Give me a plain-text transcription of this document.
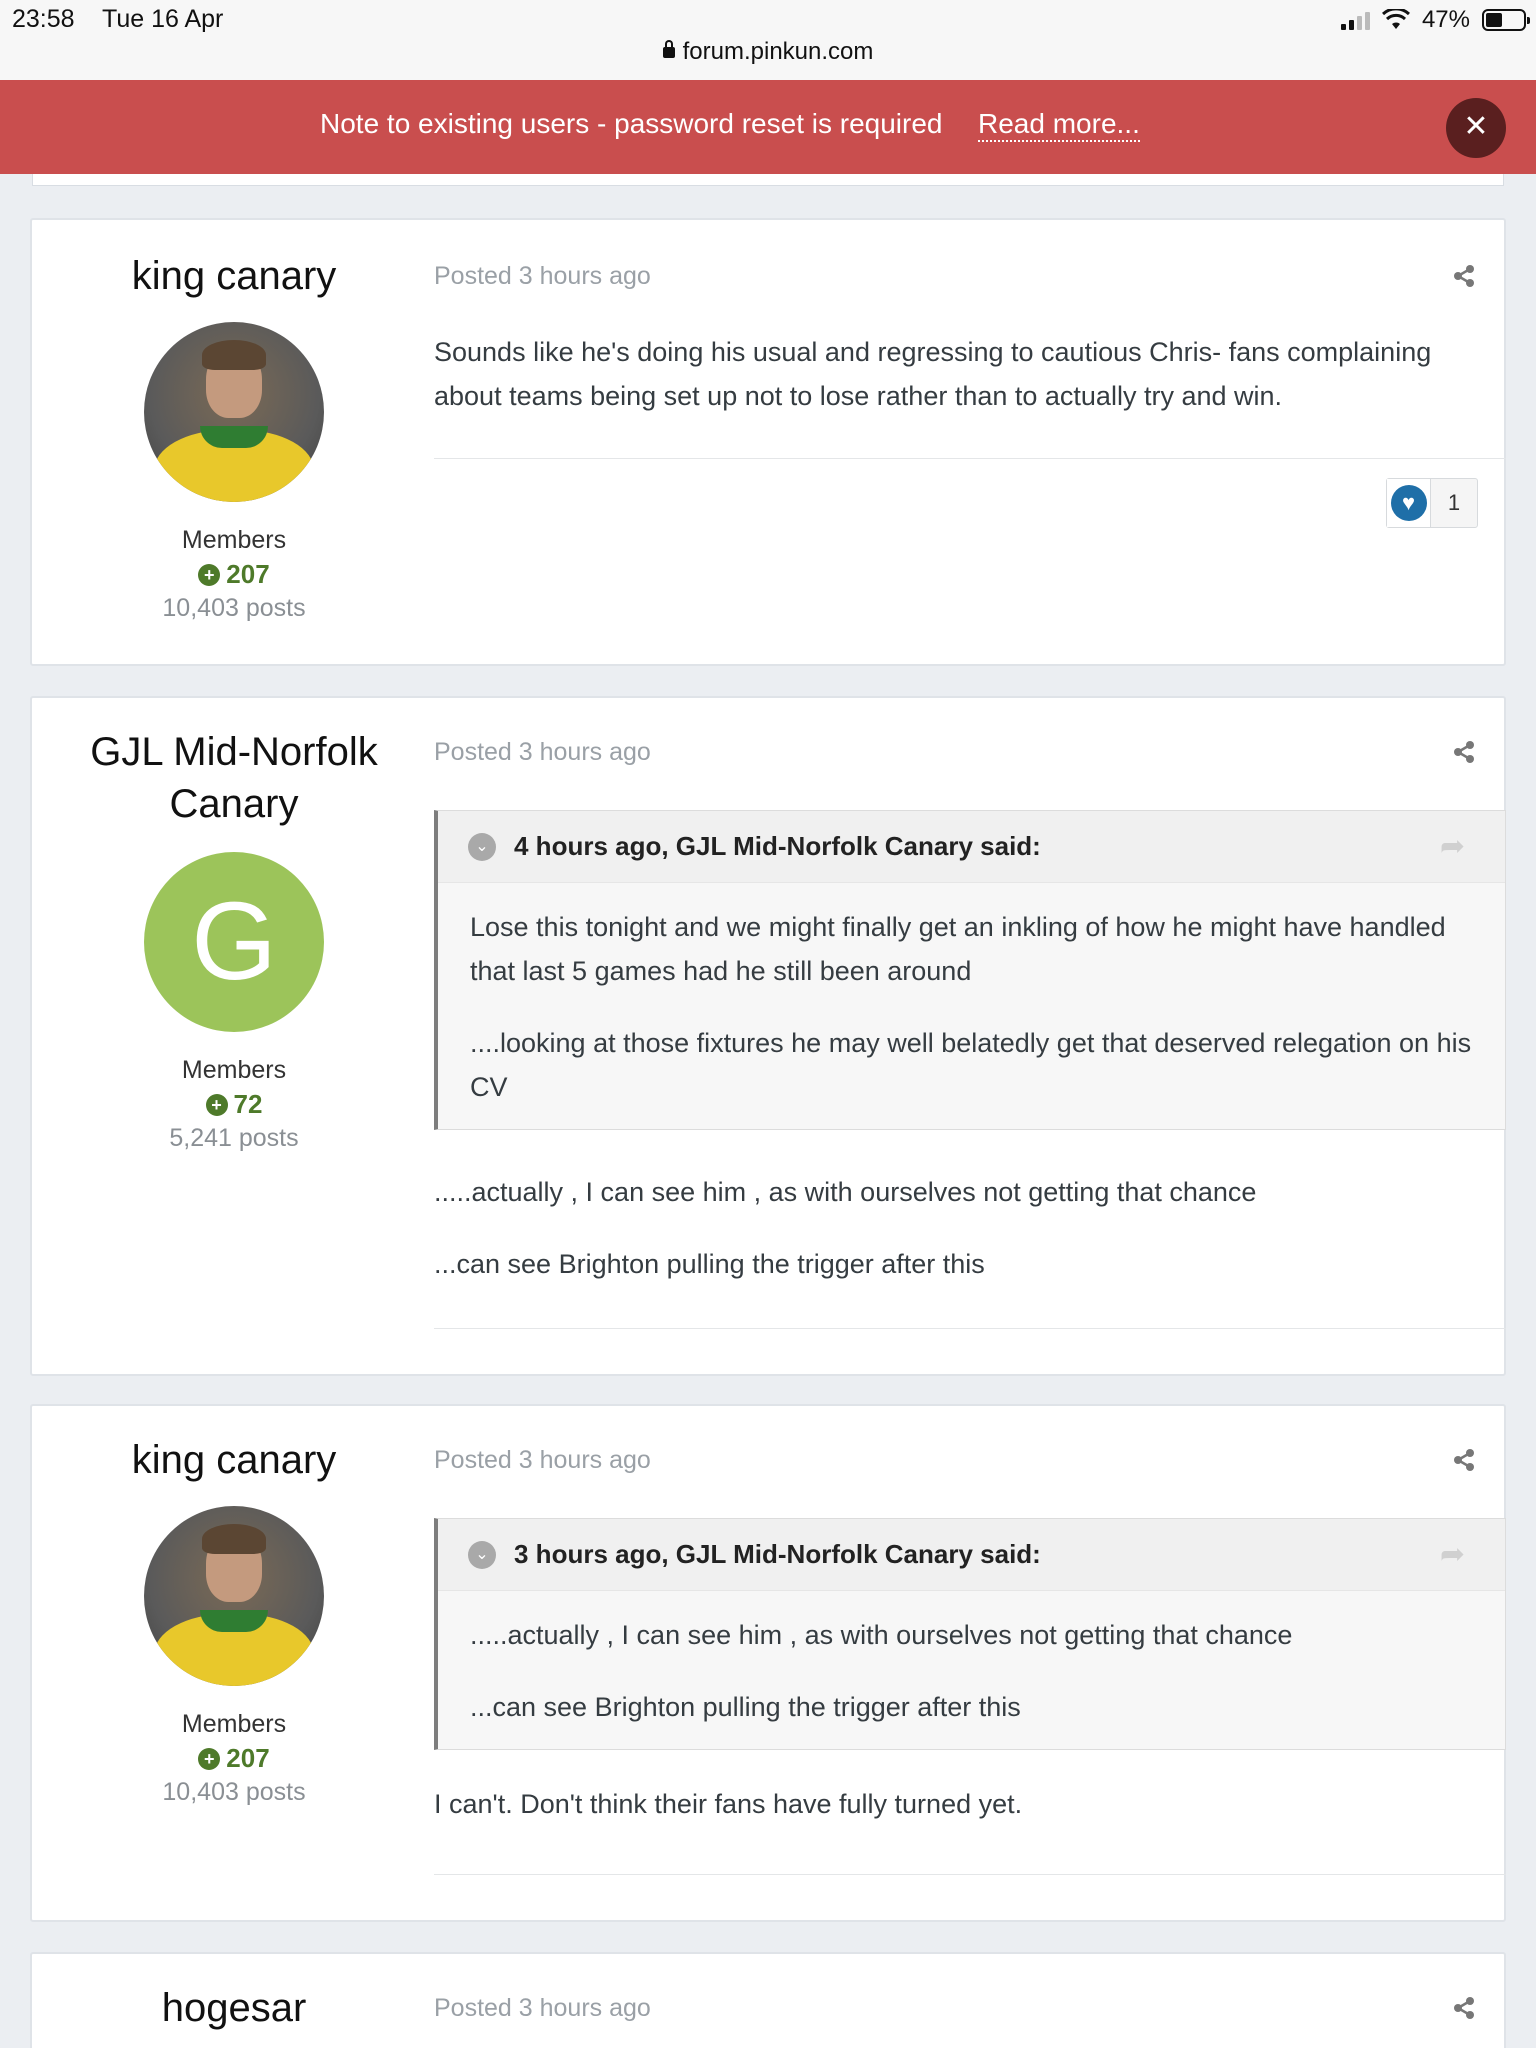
23:58 Tue 16 Apr	47%
forum.pinkun.com
Note to existing users - password reset is required Read more...	✕
king canary
Members
+ 207
10,403 posts
Posted 3 hours ago

Sounds like he's doing his usual and regressing to cautious Chris- fans complaining about teams being set up not to lose rather than to actually try and win.

♥	1
GJL Mid-Norfolk Canary
G
Members
+ 72
5,241 posts
Posted 3 hours ago
⌄ 4 hours ago, GJL Mid-Norfolk Canary said:	➦

Lose this tonight and we might finally get an inkling of how he might have handled that last 5 games had he still been around

....looking at those fixtures he may well belatedly get that deserved relegation on his CV

.....actually , I can see him , as with ourselves not getting that chance

...can see Brighton pulling the trigger after this

king canary
Members
+ 207
10,403 posts
Posted 3 hours ago
⌄ 3 hours ago, GJL Mid-Norfolk Canary said:	➦

.....actually , I can see him , as with ourselves not getting that chance

...can see Brighton pulling the trigger after this

I can't. Don't think their fans have fully turned yet.

hogesar	Posted 3 hours ago
